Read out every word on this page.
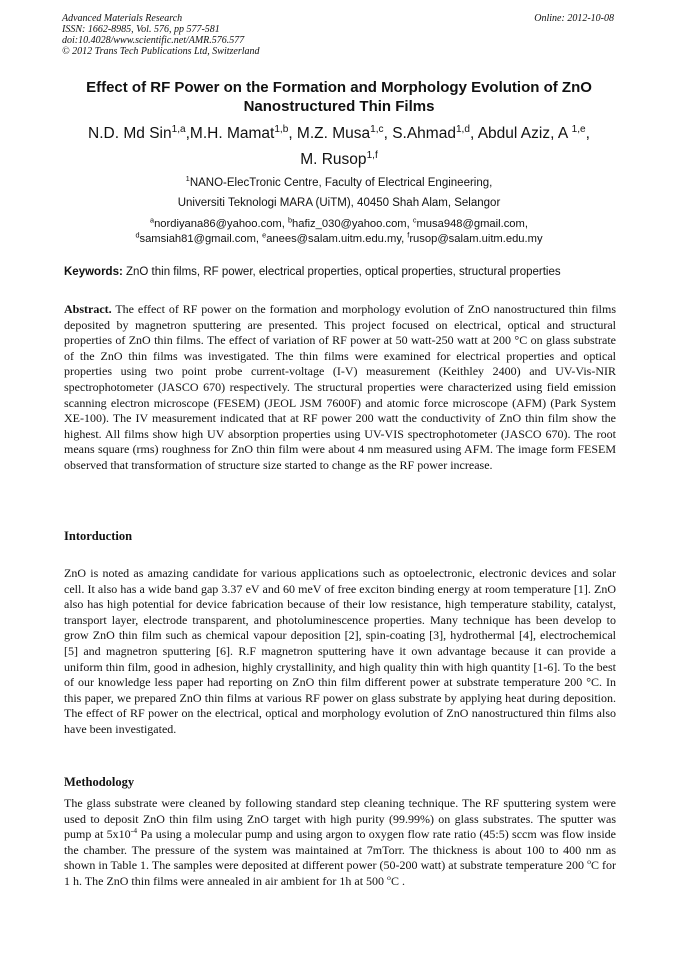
Advanced Materials Research
ISSN: 1662-8985, Vol. 576, pp 577-581
doi:10.4028/www.scientific.net/AMR.576.577
© 2012 Trans Tech Publications Ltd, Switzerland
Online: 2012-10-08
Effect of RF Power on the Formation and Morphology Evolution of ZnO
Nanostructured Thin Films
N.D. Md Sin$^{1,a}$,M.H. Mamat$^{1,b}$, M.Z. Musa$^{1,c}$, S.Ahmad$^{1,d}$, Abdul Aziz, A $^{1,e}$,
M. Rusop$^{1,f}$
$^1$NANO-ElecTronic Centre, Faculty of Electrical Engineering,
Universiti Teknologi MARA (UiTM), 40450 Shah Alam, Selangor
$^a$nordiyana86@yahoo.com, $^b$hafiz_030@yahoo.com, $^c$musa948@gmail.com,
$^d$samsiah81@gmail.com, $^e$anees@salam.uitm.edu.my, $^f$rusop@salam.uitm.edu.my
Keywords: ZnO thin films, RF power, electrical properties, optical properties, structural properties

Abstract. The effect of RF power on the formation and morphology evolution of ZnO nanostructured thin films deposited by magnetron sputtering are presented. This project focused on electrical, optical and structural properties of ZnO thin films. The effect of variation of RF power at 50 watt-250 watt at 200 °C on glass substrate of the ZnO thin films was investigated. The thin films were examined for electrical properties and optical properties using two point probe current-voltage (I-V) measurement (Keithley 2400) and UV-Vis-NIR spectrophotometer (JASCO 670) respectively. The structural properties were characterized using field emission scanning electron microscope (FESEM) (JEOL JSM 7600F) and atomic force microscope (AFM) (Park System XE-100). The IV measurement indicated that at RF power 200 watt the conductivity of ZnO thin film show the highest. All films show high UV absorption properties using UV-VIS spectrophotometer (JASCO 670). The root means square (rms) roughness for ZnO thin film were about 4 nm measured using AFM. The image form FESEM observed that transformation of structure size started to change as the RF power increase.

Intorduction

ZnO is noted as amazing candidate for various applications such as optoelectronic, electronic devices and solar cell. It also has a wide band gap 3.37 eV and 60 meV of free exciton binding energy at room temperature [1]. ZnO also has high potential for device fabrication because of their low resistance, high temperature stability, catalyst, transport layer, electrode transparent, and photoluminescence properties. Many technique has been develop to grow ZnO thin film such as chemical vapour deposition [2], spin-coating [3], hydrothermal [4], electrochemical [5] and magnetron sputtering [6]. R.F magnetron sputtering have it own advantage because it can provide a uniform thin film, good in adhesion, highly crystallinity, and high quality thin with high quantity [1-6]. To the best of our knowledge less paper had reporting on ZnO thin film different power at substrate temperature 200 °C. In this paper, we prepared ZnO thin films at various RF power on glass substrate by applying heat during deposition. The effect of RF power on the electrical, optical and morphology evolution of ZnO nanostructured thin films also have been investigated.

Methodology

The glass substrate were cleaned by following standard step cleaning technique. The RF sputtering system were used to deposit ZnO thin film using ZnO target with high purity (99.99%) on glass substrates. The sputter was pump at $5x10^{-4}$ Pa using a molecular pump and using argon to oxygen flow rate ratio (45:5) sccm was flow inside the chamber. The pressure of the system was maintained at 7mTorr. The thickness is about 100 to 400 nm as shown in Table 1. The samples were deposited at different power (50-200 watt) at substrate temperature 200 $^o$C for 1 h. The ZnO thin films were annealed in air ambient for 1h at 500 $^o$C .
